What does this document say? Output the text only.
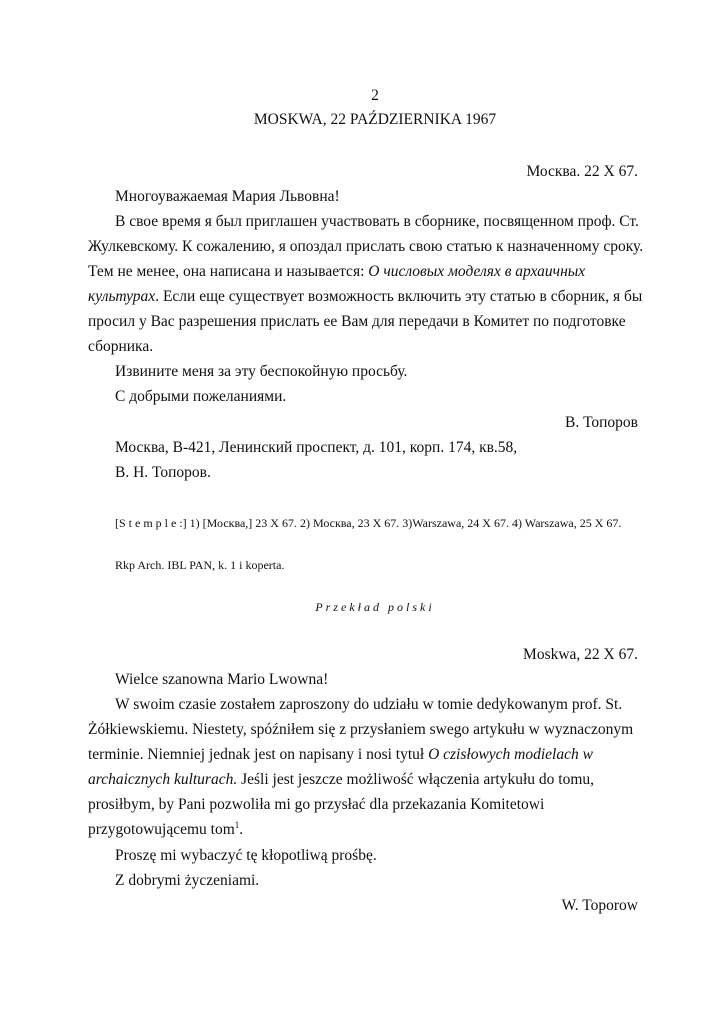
2
MOSKWA, 22 PAŹDZIERNIKA 1967
Москва. 22 X 67.
Многоуважаемая Мария Львовна!
В свое время я был приглашен участвовать в сборнике, посвященном проф. Ст.
Жулкевскому. К сожалению, я опоздал прислать свою статью к назначенному сроку.
Тем не менее, она написана и называется: О числовых моделях в архаичных
культурах. Если еще существует возможность включить эту статью в сборник, я бы
просил у Вас разрешения прислать ее Вам для передачи в Комитет по подготовке
сборника.
Извините меня за эту беспокойную просьбу.
С добрыми пожеланиями.
В. Топоров
Москва, В-421, Ленинский проспект, д. 101, корп. 174, кв.58,
В. Н. Топоров.
[S t e m p l e :] 1) [Москва,] 23 X 67. 2) Москва, 23 X 67. 3)Warszawa, 24 X 67. 4) Warszawa, 25 X 67.
Rkp Arch. IBL PAN, k. 1 i koperta.
Przekład polski
Moskwa, 22 X 67.
Wielce szanowna Mario Lwowna!
W swoim czasie zostałem zaproszony do udziału w tomie dedykowanym prof. St.
Żółkiewskiemu. Niestety, spóźniłem się z przysłaniem swego artykułu w wyznaczonym
terminie. Niemniej jednak jest on napisany i nosi tytuł O czisłowych modielach w
archaicznych kulturach. Jeśli jest jeszcze możliwość włączenia artykułu do tomu,
prosiłbym, by Pani pozwoliła mi go przysłać dla przekazania Komitetowi
przygotowującemu tom$^1$.
Proszę mi wybaczyć tę kłopotliwą prośbę.
Z dobrymi życzeniami.
W. Toporow
